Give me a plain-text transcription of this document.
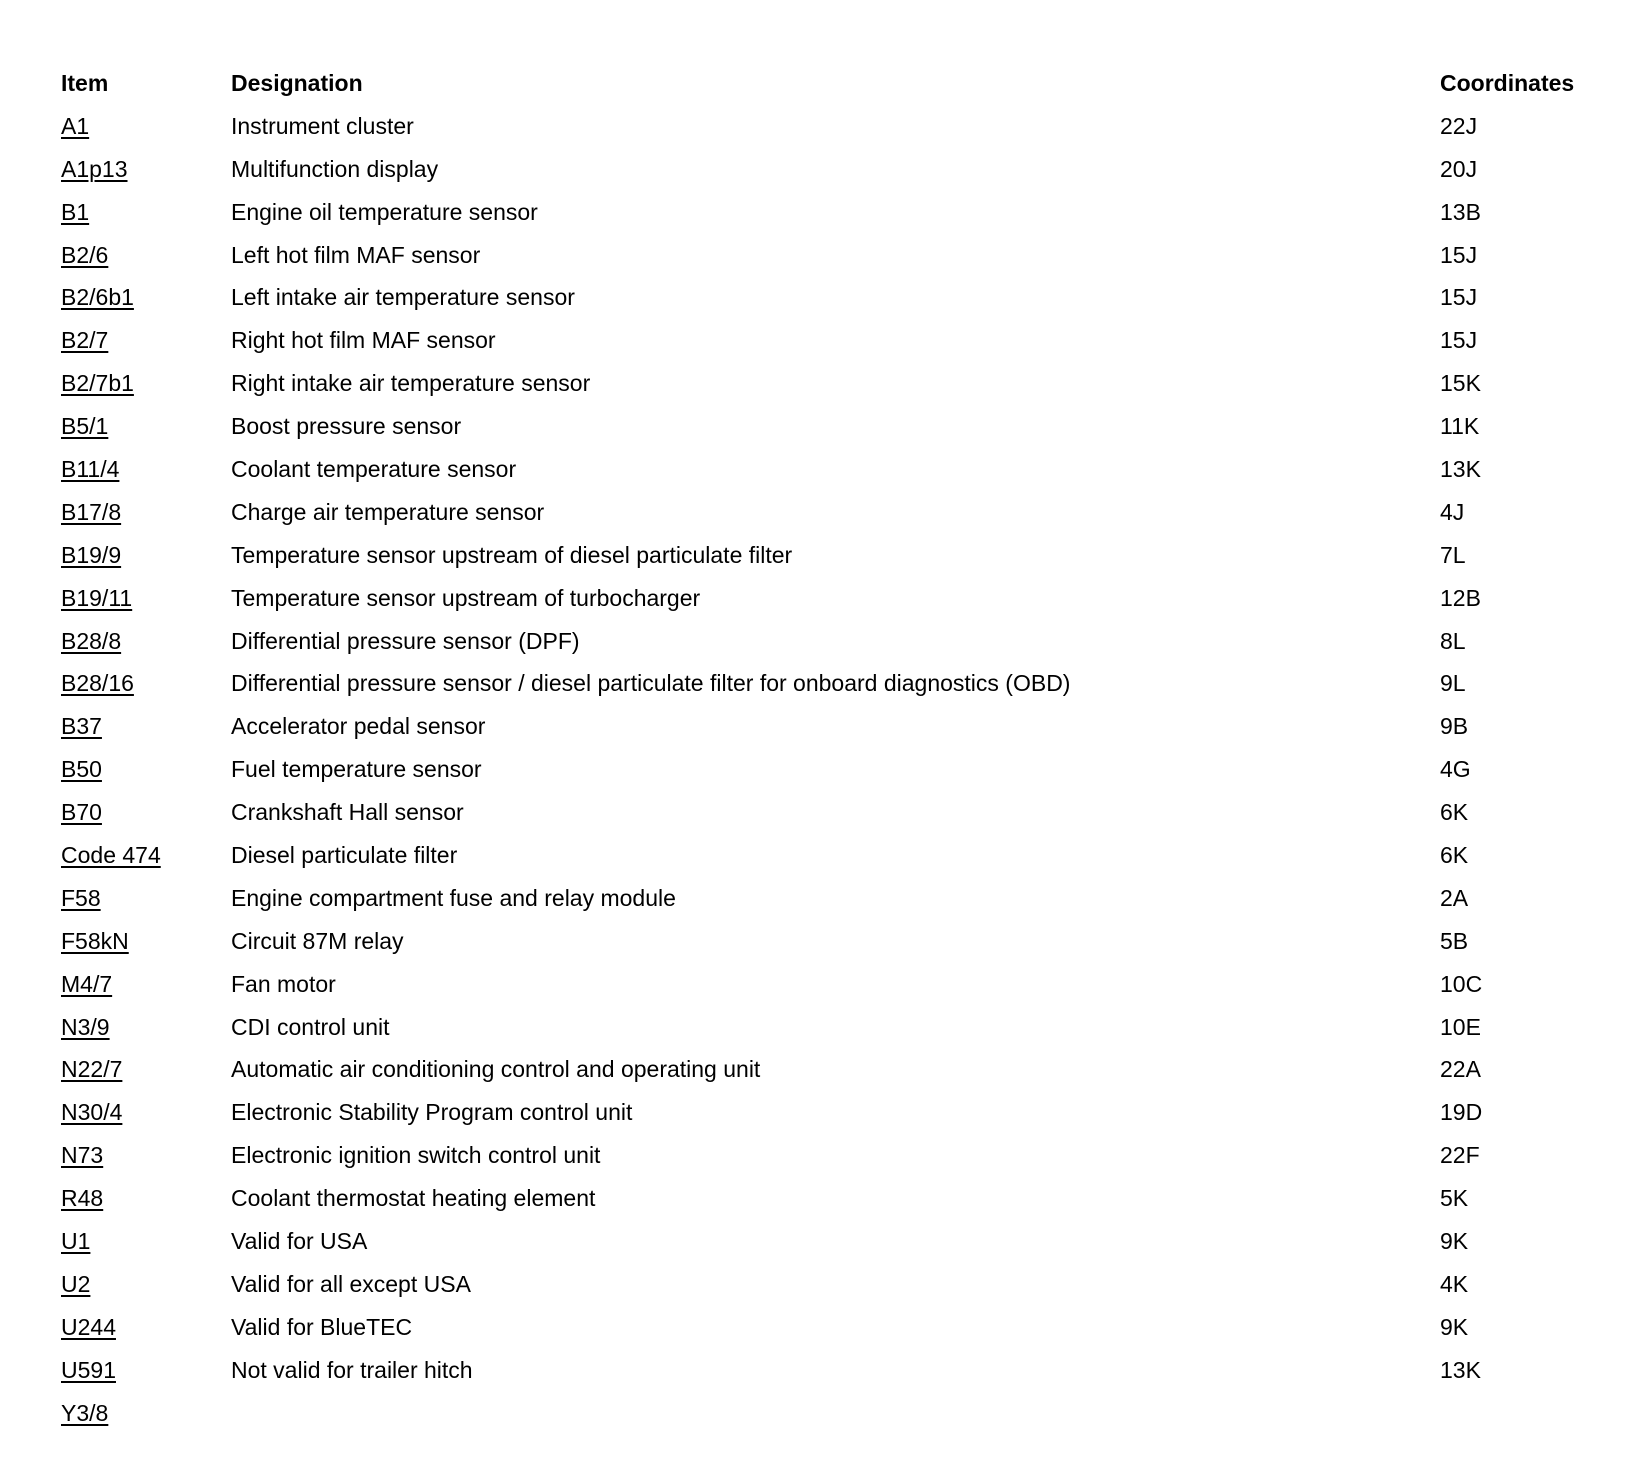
Item	Designation	Coordinates
A1	Instrument cluster	22J
A1p13	Multifunction display	20J
B1	Engine oil temperature sensor	13B
B2/6	Left hot film MAF sensor	15J
B2/6b1	Left intake air temperature sensor	15J
B2/7	Right hot film MAF sensor	15J
B2/7b1	Right intake air temperature sensor	15K
B5/1	Boost pressure sensor	11K
B11/4	Coolant temperature sensor	13K
B17/8	Charge air temperature sensor	4J
B19/9	Temperature sensor upstream of diesel particulate filter	7L
B19/11	Temperature sensor upstream of turbocharger	12B
B28/8	Differential pressure sensor (DPF)	8L
B28/16	Differential pressure sensor / diesel particulate filter for onboard diagnostics (OBD)	9L
B37	Accelerator pedal sensor	9B
B50	Fuel temperature sensor	4G
B70	Crankshaft Hall sensor	6K
Code 474	Diesel particulate filter	6K
F58	Engine compartment fuse and relay module	2A
F58kN	Circuit 87M relay	5B
M4/7	Fan motor	10C
N3/9	CDI control unit	10E
N22/7	Automatic air conditioning control and operating unit	22A
N30/4	Electronic Stability Program control unit	19D
N73	Electronic ignition switch control unit	22F
R48	Coolant thermostat heating element	5K
U1	Valid for USA	9K
U2	Valid for all except USA	4K
U244	Valid for BlueTEC	9K
U591	Not valid for trailer hitch	13K
Y3/8
